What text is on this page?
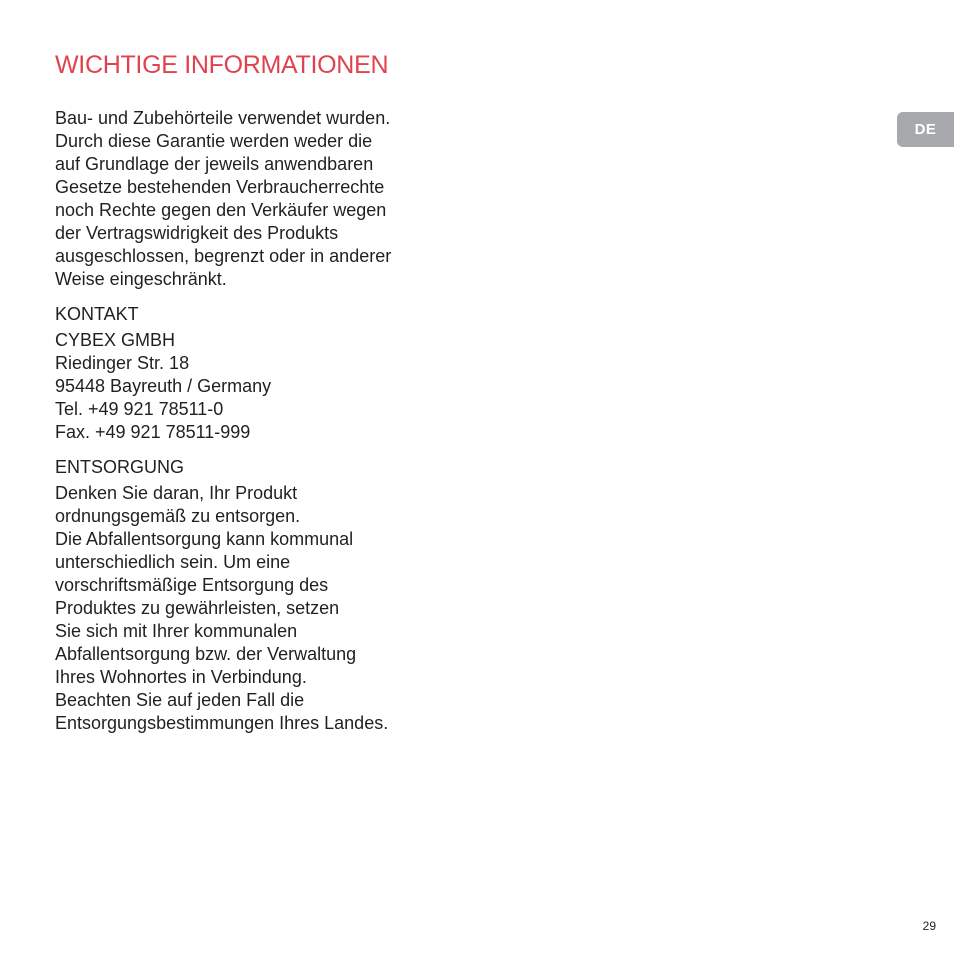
WICHTIGE INFORMATIONEN
DE

Bau- und Zubehörteile verwendet wurden.
Durch diese Garantie werden weder die
auf Grundlage der jeweils anwendbaren
Gesetze bestehenden Verbraucherrechte
noch Rechte gegen den Verkäufer wegen
der Vertragswidrigkeit des Produkts
ausgeschlossen, begrenzt oder in anderer
Weise eingeschränkt.

KONTAKT

CYBEX GMBH
Riedinger Str. 18
95448 Bayreuth / Germany
Tel. +49 921 78511-0
Fax. +49 921 78511-999

ENTSORGUNG

Denken Sie daran, Ihr Produkt
ordnungsgemäß zu entsorgen.
Die Abfallentsorgung kann kommunal
unterschiedlich sein. Um eine
vorschriftsmäßige Entsorgung des
Produktes zu gewährleisten, setzen
Sie sich mit Ihrer kommunalen
Abfallentsorgung bzw. der Verwaltung
Ihres Wohnortes in Verbindung.
Beachten Sie auf jeden Fall die
Entsorgungsbestimmungen Ihres Landes.

29
